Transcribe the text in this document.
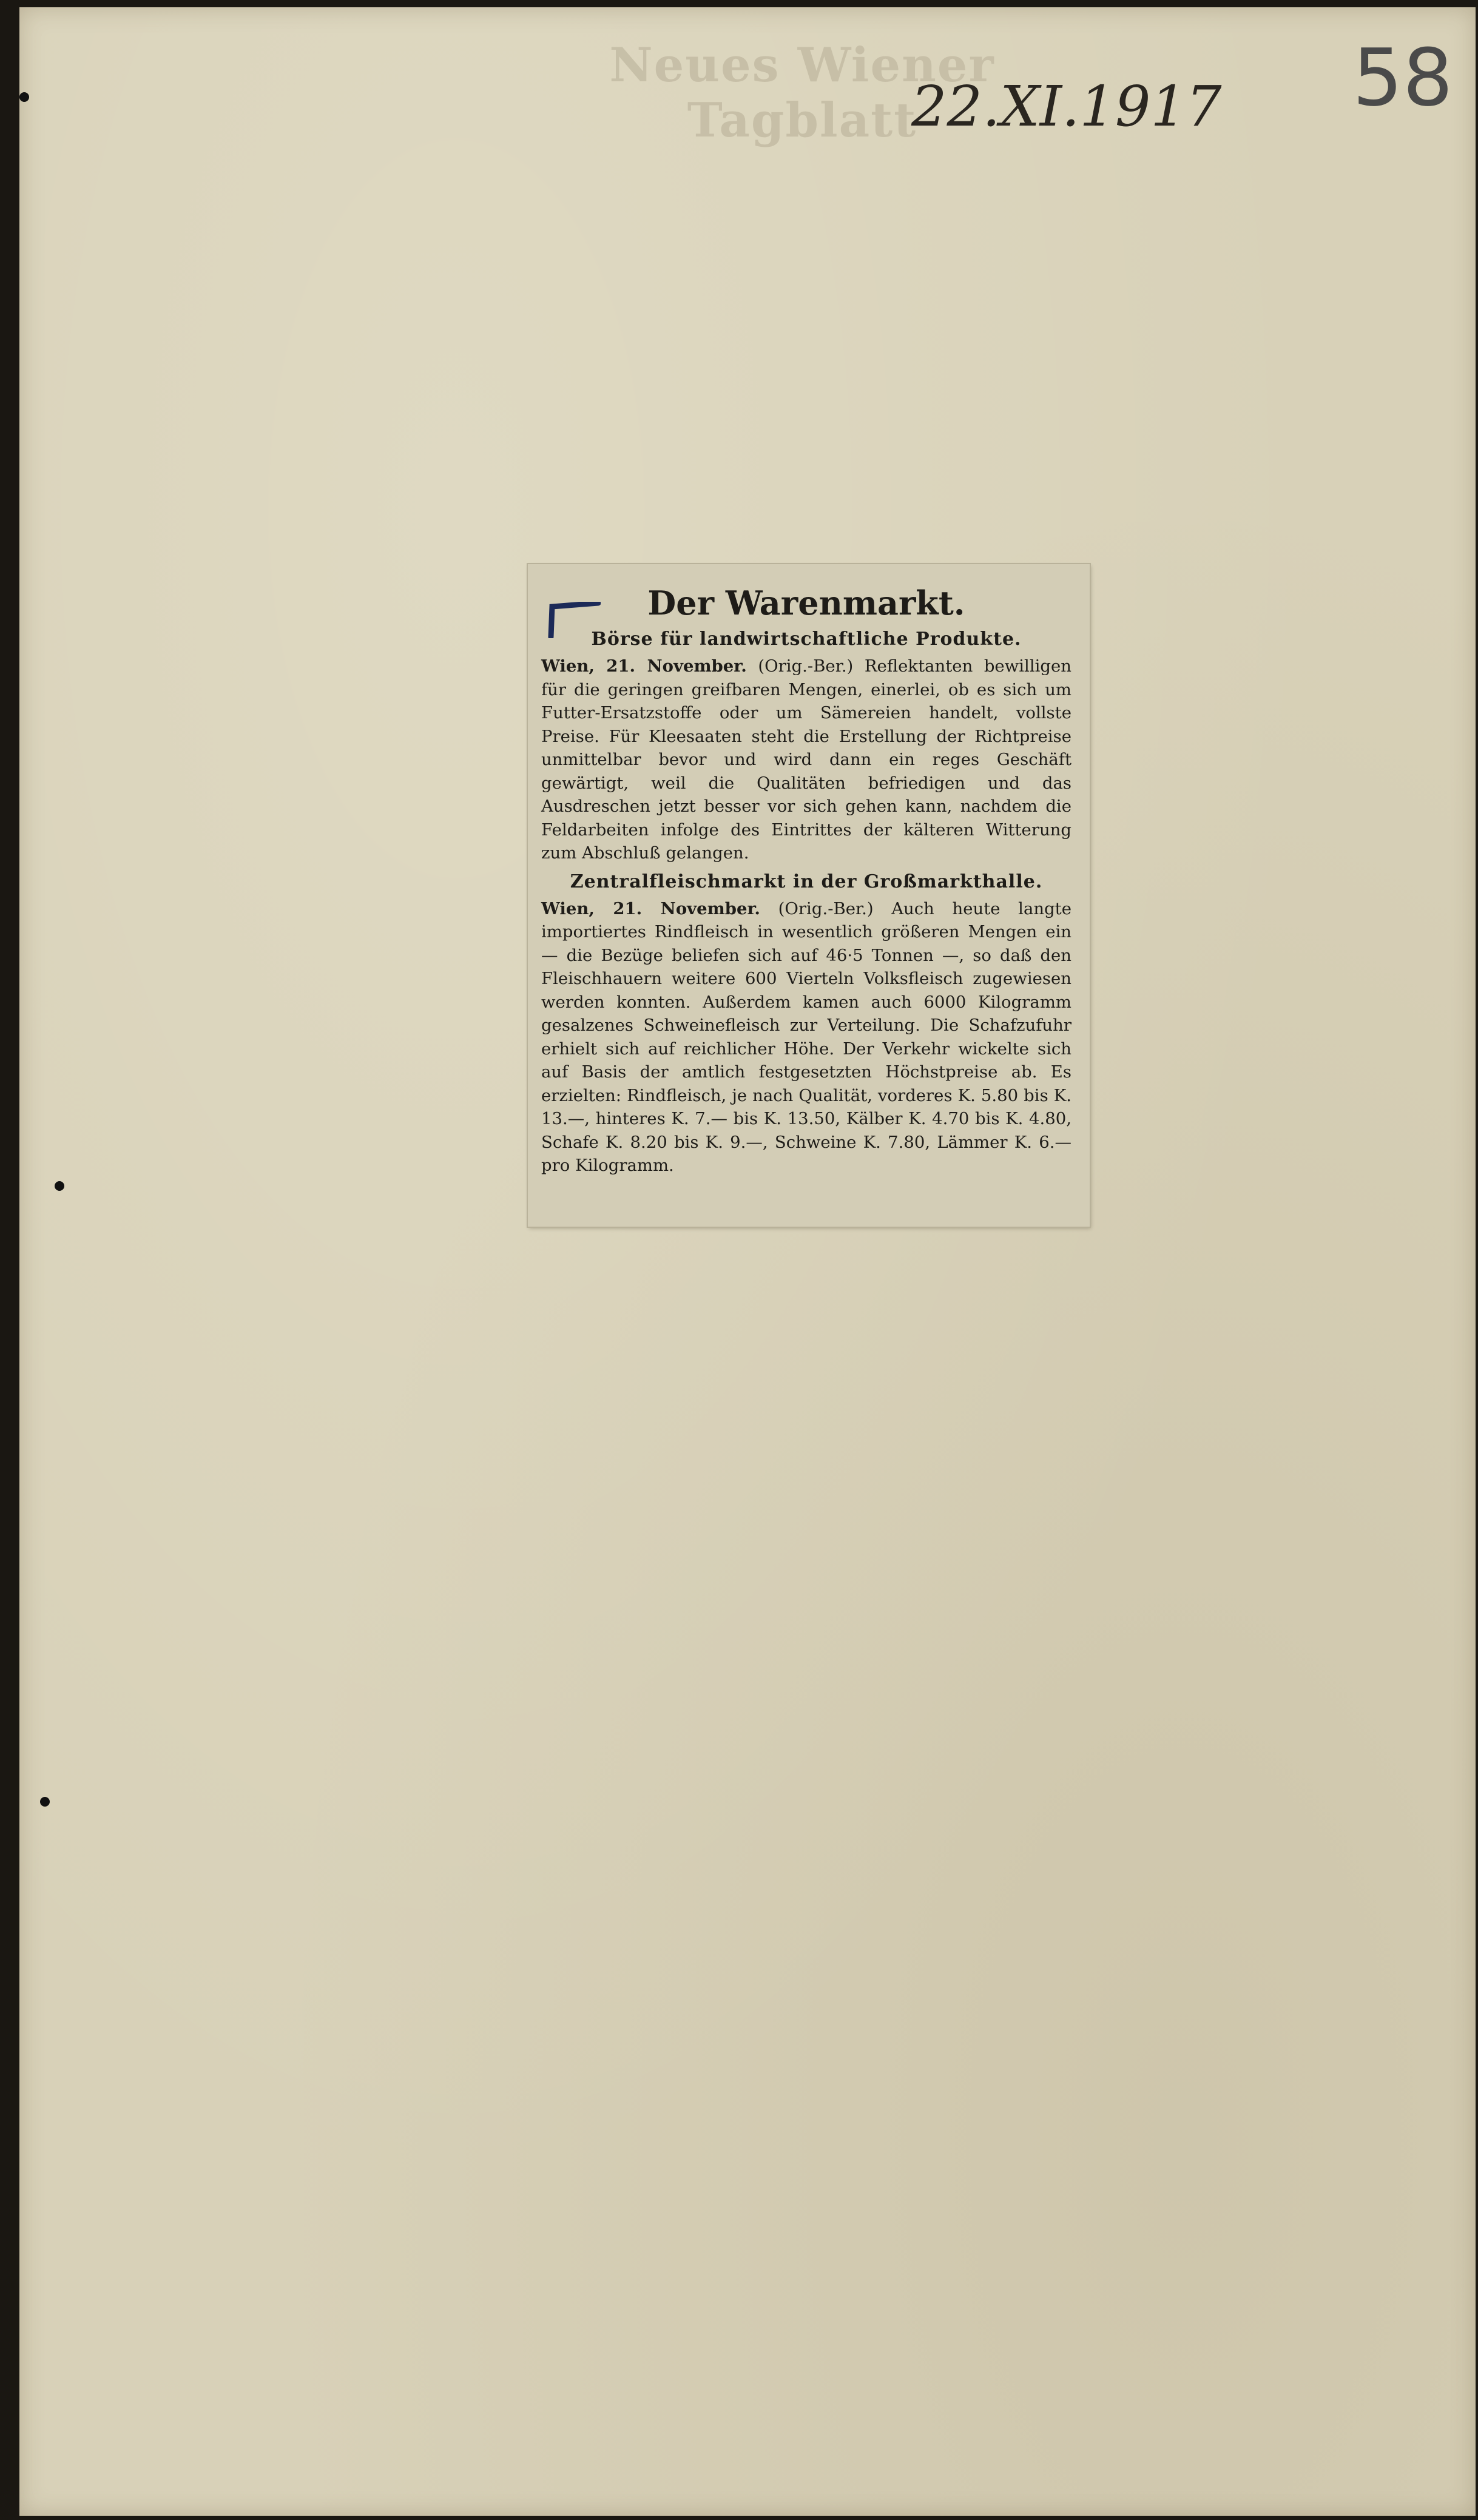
Neues Wiener Tagblatt
22.XI.1917 58
Der Warenmarkt.
Börse für landwirtschaftliche Produkte.

Wien, 21. November. (Orig.-Ber.) Reflektanten bewilligen für die geringen greifbaren Mengen, einerlei, ob es sich um Futter-Ersatzstoffe oder um Sämereien handelt, vollste Preise. Für Kleesaaten steht die Erstellung der Richtpreise unmittelbar bevor und wird dann ein reges Geschäft gewärtigt, weil die Qualitäten befriedigen und das Ausdreschen jetzt besser vor sich gehen kann, nachdem die Feldarbeiten infolge des Eintrittes der kälteren Witterung zum Abschluß gelangen.

Zentralfleischmarkt in der Großmarkthalle.

Wien, 21. November. (Orig.-Ber.) Auch heute langte importiertes Rindfleisch in wesentlich größeren Mengen ein — die Bezüge beliefen sich auf 46·5 Tonnen —, so daß den Fleischhauern weitere 600 Vierteln Volksfleisch zugewiesen werden konnten. Außerdem kamen auch 6000 Kilogramm gesalzenes Schweinefleisch zur Verteilung. Die Schafzufuhr erhielt sich auf reichlicher Höhe. Der Verkehr wickelte sich auf Basis der amtlich festgesetzten Höchstpreise ab. Es erzielten: Rindfleisch, je nach Qualität, vorderes K. 5.80 bis K. 13.—, hinteres K. 7.— bis K. 13.50, Kälber K. 4.70 bis K. 4.80, Schafe K. 8.20 bis K. 9.—, Schweine K. 7.80, Lämmer K. 6.— pro Kilogramm.
